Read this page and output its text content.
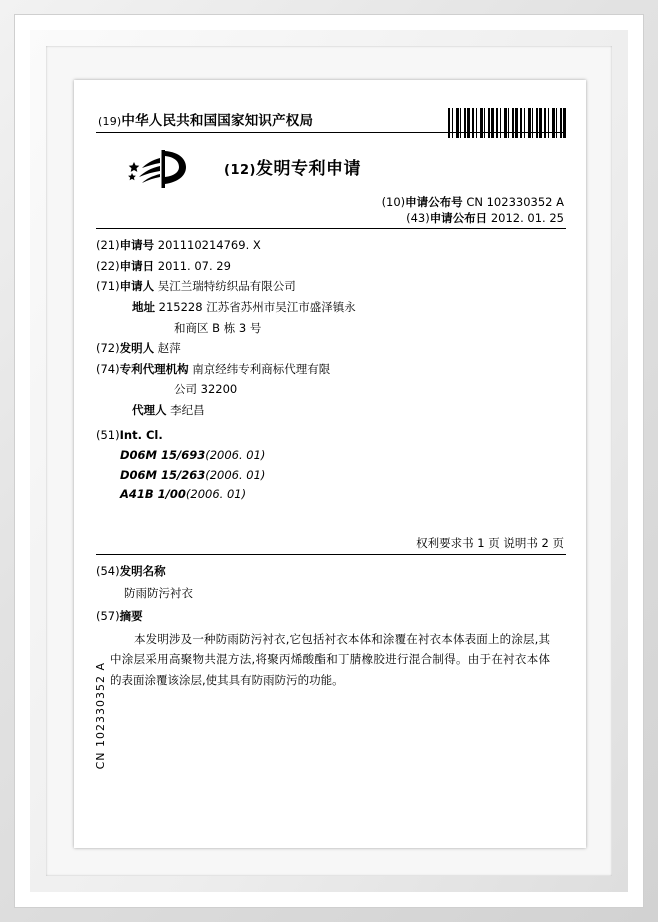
(19)中华人民共和国国家知识产权局
(12)发明专利申请
(10)申请公布号 CN 102330352 A
(43)申请公布日 2012. 01. 25
(21)申请号 201110214769. X
(22)申请日 2011. 07. 29
(71)申请人 吴江兰瑞特纺织品有限公司
地址 215228 江苏省苏州市吴江市盛泽镇永
和商区 B 栋 3 号
(72)发明人 赵萍
(74)专利代理机构 南京经纬专利商标代理有限
公司 32200
代理人 李纪昌
(51)Int. Cl.
D06M 15/693(2006. 01)
D06M 15/263(2006. 01)
A41B 1/00(2006. 01)
权利要求书 1 页 说明书 2 页
(54)发明名称
防雨防污衬衣
(57)摘要
本发明涉及一种防雨防污衬衣,它包括衬衣本体和涂覆在衬衣本体表面上的涂层,其中涂层采用高聚物共混方法,将聚丙烯酸酯和丁腈橡胶进行混合制得。由于在衬衣本体的表面涂覆该涂层,使其具有防雨防污的功能。
CN 102330352 A
